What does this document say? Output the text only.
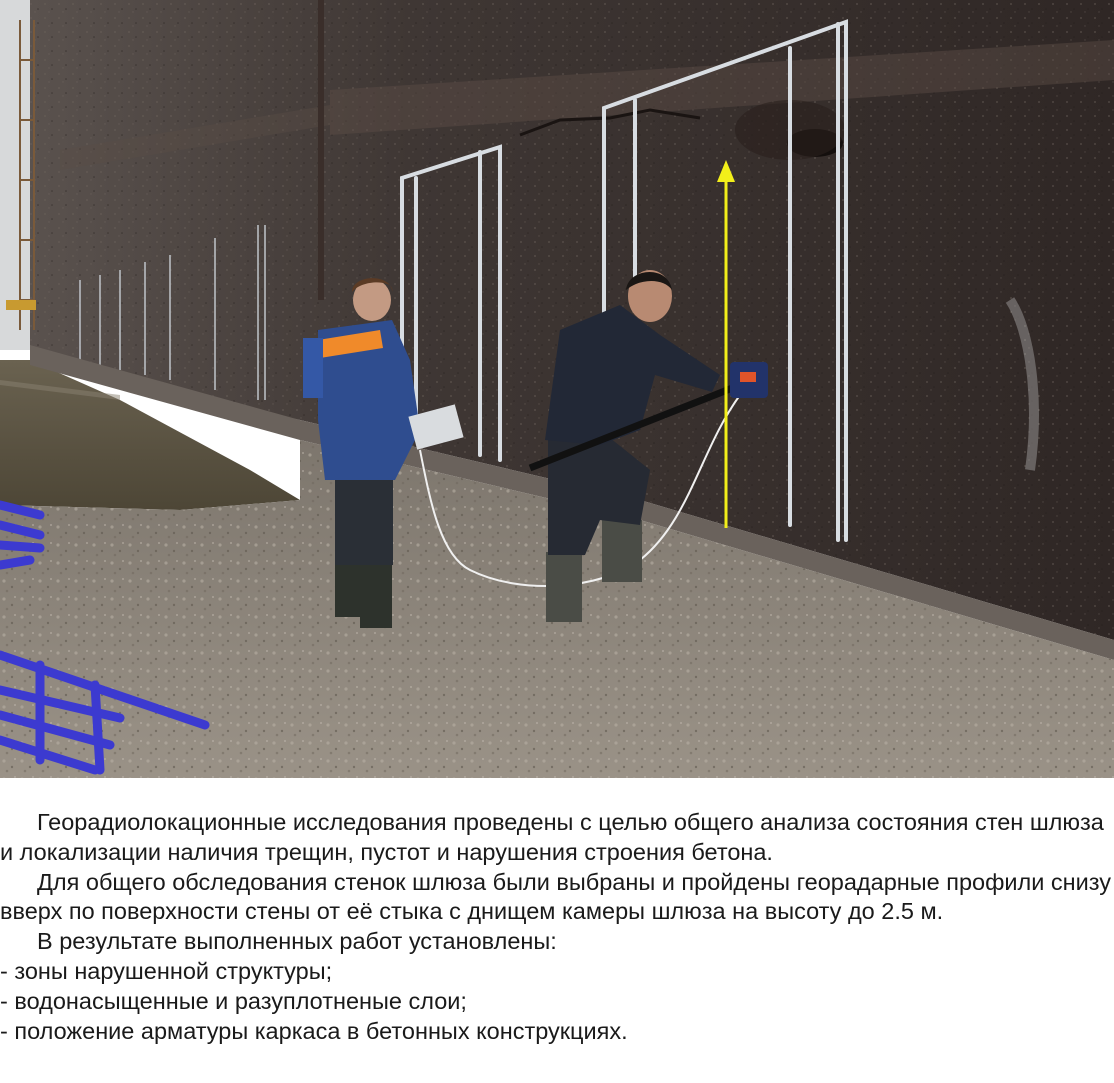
Георадиолокационные исследования проведены с целью общего анализа состояния стен шлюза и локализации наличия трещин, пустот и нарушения строения бетона.

Для общего обследования стенок шлюза были выбраны и пройдены георадарные профили снизу вверх по поверхности стены от её стыка с днищем камеры шлюза на высоту до 2.5 м.

В результате выполненных работ установлены:

- зоны нарушенной структуры;

- водонасыщенные и разуплотненые слои;

- положение арматуры каркаса в бетонных конструкциях.
